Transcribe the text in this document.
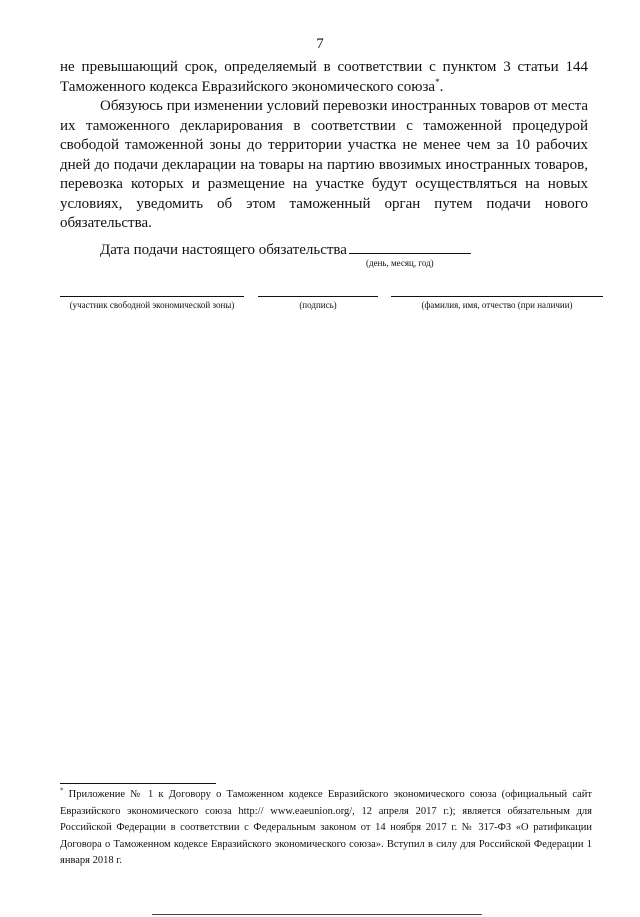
7

не превышающий срок, определяемый в соответствии с пунктом 3 статьи 144 Таможенного кодекса Евразийского экономического союза*.

Обязуюсь при изменении условий перевозки иностранных товаров от места их таможенного декларирования в соответствии с таможенной процедурой свободой таможенной зоны до территории участка не менее чем за 10 рабочих дней до подачи декларации на товары на партию ввозимых иностранных товаров, перевозка которых и размещение на участке будут осуществляться на новых условиях, уведомить об этом таможенный орган путем подачи нового обязательства.

Дата подачи настоящего обязательства
(день, месяц, год)
(участник свободной экономической зоны)	(подпись)	(фамилия, имя, отчество (при наличии)
* Приложение № 1 к Договору о Таможенном кодексе Евразийского экономического союза (официальный сайт Евразийского экономического союза http:// www.eaeunion.org/, 12 апреля 2017 г.); является обязательным для Российской Федерации в соответствии с Федеральным законом от 14 ноября 2017 г. № 317-ФЗ «О ратификации Договора о Таможенном кодексе Евразийского экономического союза». Вступил в силу для Российской Федерации 1 января 2018 г.
